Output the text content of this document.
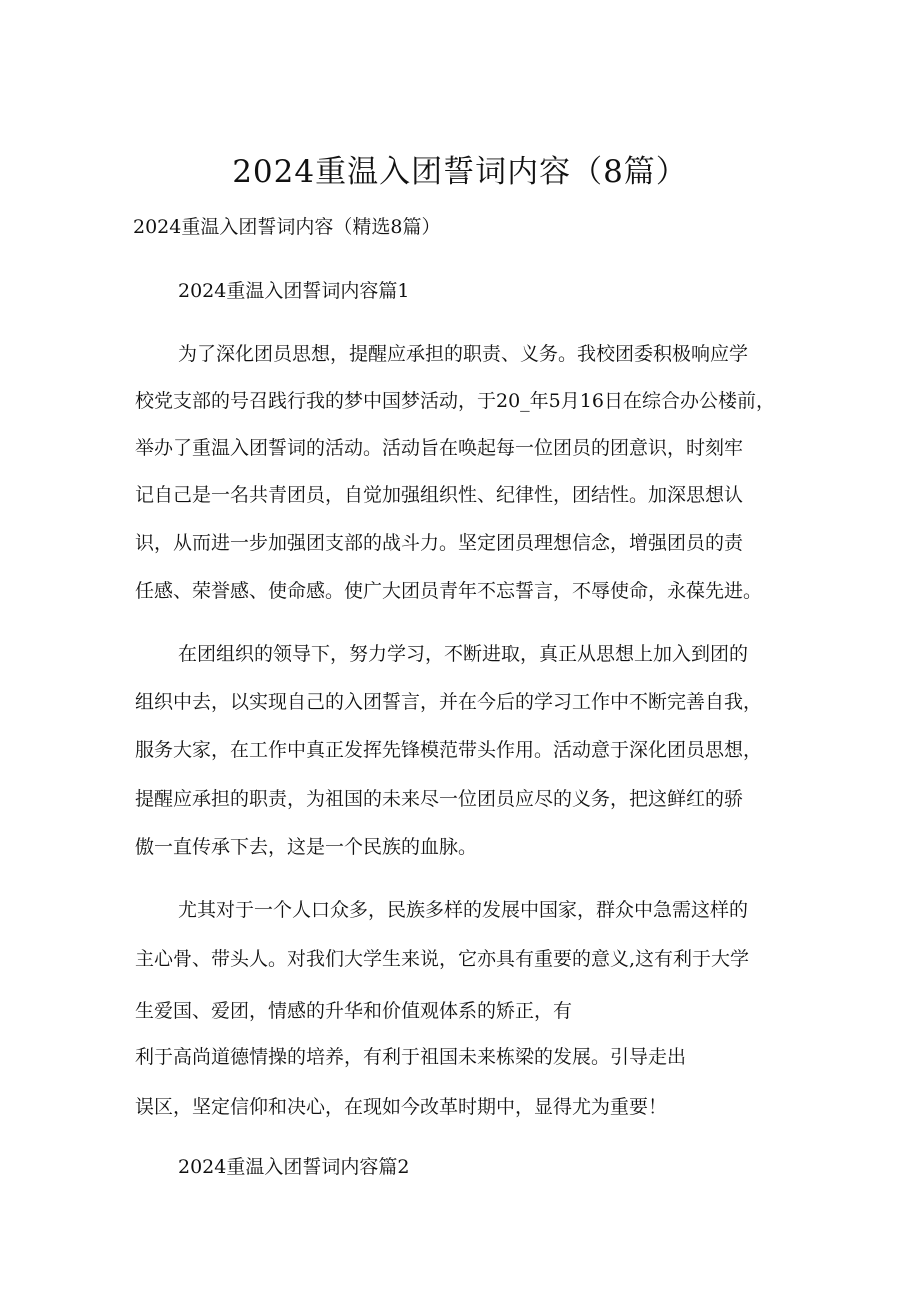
2024重温入团誓词内容（8篇）
2024重温入团誓词内容（精选8篇）
2024重温入团誓词内容篇1
为了深化团员思想，提醒应承担的职责、义务。我校团委积极响应学
校党支部的号召践行我的梦中国梦活动，于20_年5月16日在综合办公楼前，
举办了重温入团誓词的活动。活动旨在唤起每一位团员的团意识，时刻牢
记自己是一名共青团员，自觉加强组织性、纪律性，团结性。加深思想认
识，从而进一步加强团支部的战斗力。坚定团员理想信念，增强团员的责
任感、荣誉感、使命感。使广大团员青年不忘誓言，不辱使命，永葆先进。
在团组织的领导下，努力学习，不断进取，真正从思想上加入到团的
组织中去，以实现自己的入团誓言，并在今后的学习工作中不断完善自我，
服务大家，在工作中真正发挥先锋模范带头作用。活动意于深化团员思想，
提醒应承担的职责，为祖国的未来尽一位团员应尽的义务，把这鲜红的骄
傲一直传承下去，这是一个民族的血脉。
尤其对于一个人口众多，民族多样的发展中国家，群众中急需这样的
主心骨、带头人。对我们大学生来说，它亦具有重要的意义,这有利于大学
生爱国、爱团，情感的升华和价值观体系的矫正，有
利于高尚道德情操的培养，有利于祖国未来栋梁的发展。引导走出
误区，坚定信仰和决心，在现如今改革时期中，显得尤为重要！
2024重温入团誓词内容篇2
